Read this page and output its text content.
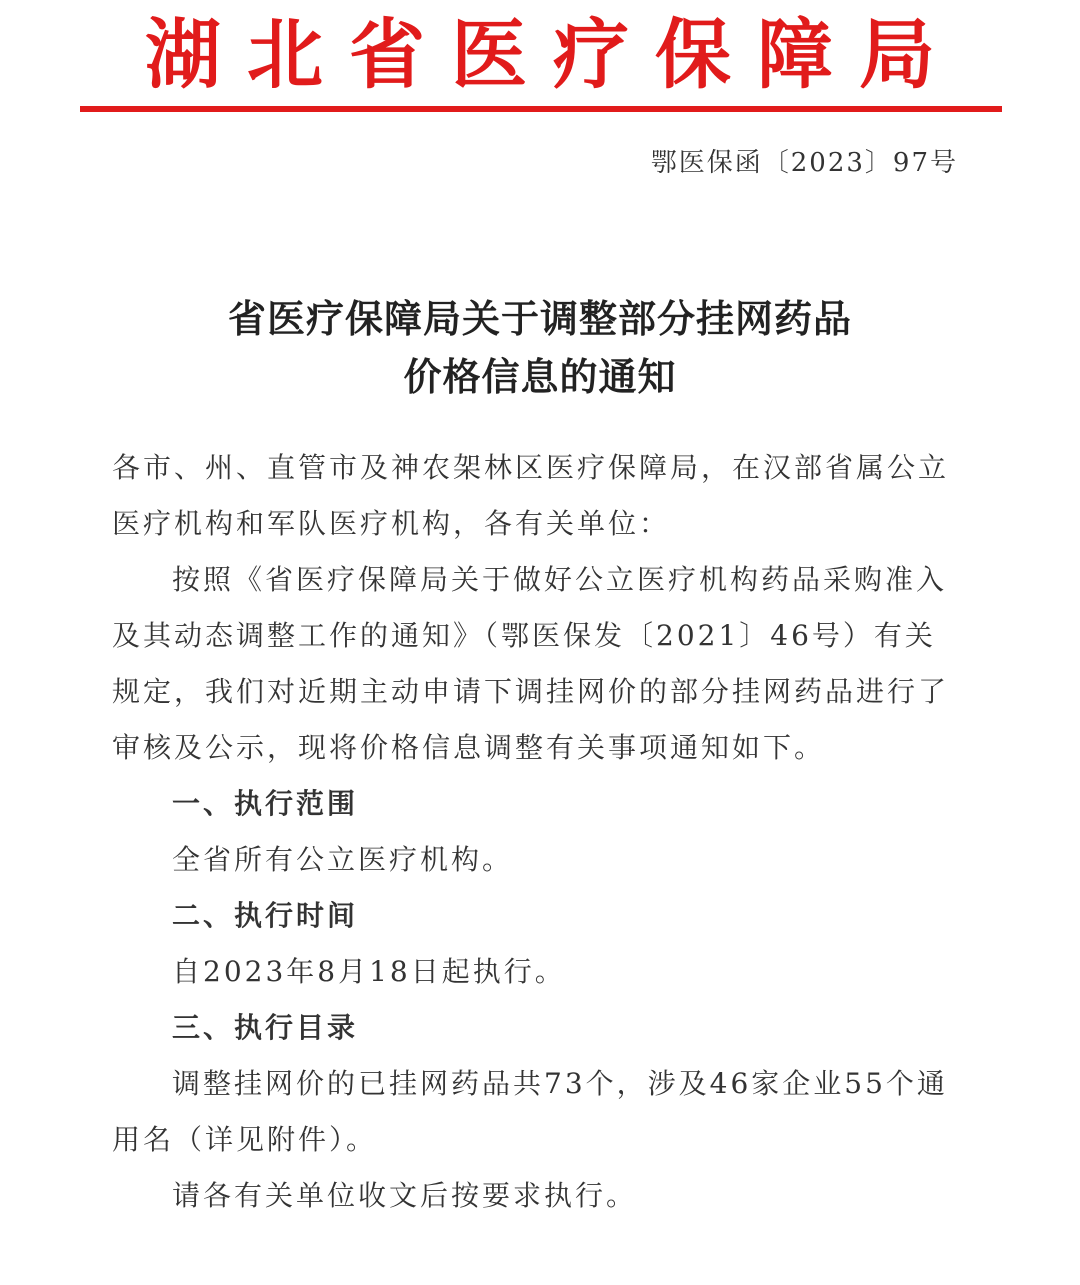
湖北省医疗保障局
鄂医保函〔2023〕97号
省医疗保障局关于调整部分挂网药品
价格信息的通知

各市、州、直管市及神农架林区医疗保障局，在汉部省属公立医疗机构和军队医疗机构，各有关单位：

按照《省医疗保障局关于做好公立医疗机构药品采购准入及其动态调整工作的通知》（鄂医保发〔2021〕46号）有关规定，我们对近期主动申请下调挂网价的部分挂网药品进行了审核及公示，现将价格信息调整有关事项通知如下。

一、执行范围

全省所有公立医疗机构。

二、执行时间

自2023年8月18日起执行。

三、执行目录

调整挂网价的已挂网药品共73个，涉及46家企业55个通用名（详见附件）。

请各有关单位收文后按要求执行。
